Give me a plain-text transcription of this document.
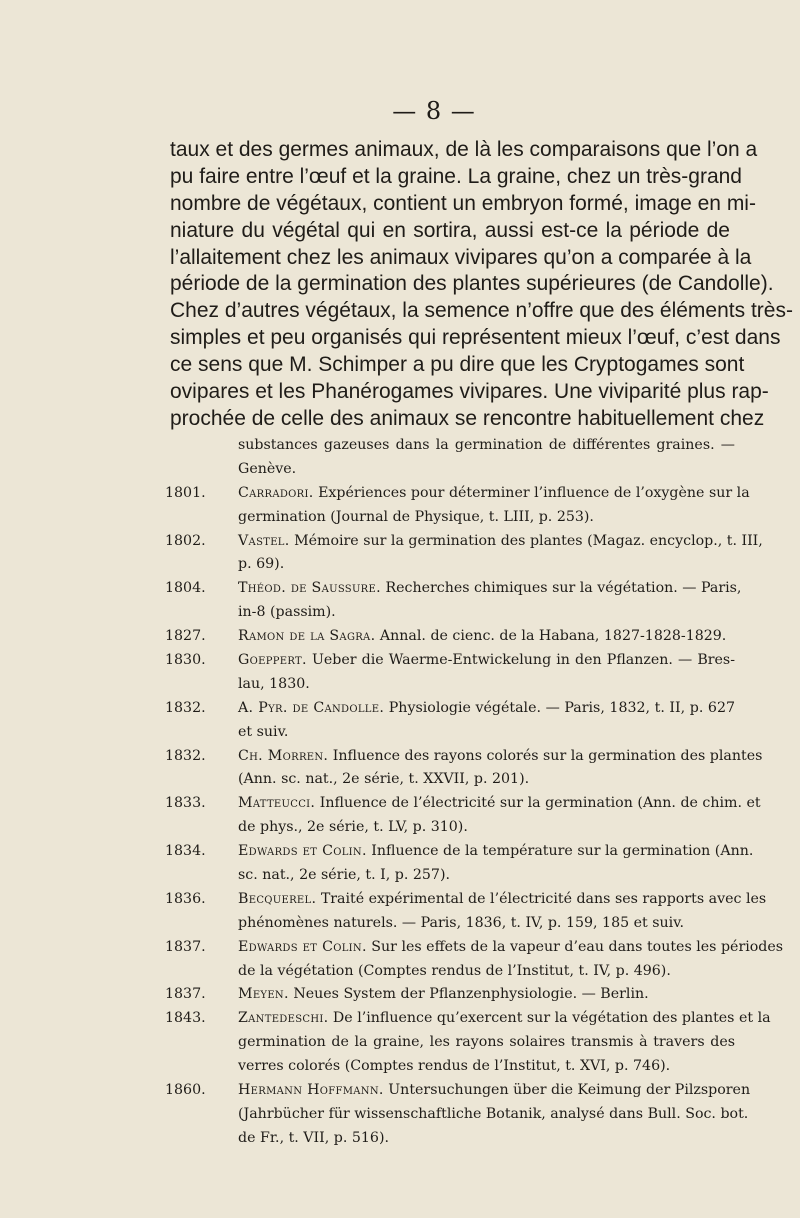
— 8 —
taux et des germes animaux, de là les comparaisons que l’on a
pu faire entre l’œuf et la graine. La graine, chez un très-grand
nombre de végétaux, contient un embryon formé, image en mi-
niature du végétal qui en sortira, aussi est-ce la période de
l’allaitement chez les animaux vivipares qu’on a comparée à la
période de la germination des plantes supérieures (de Candolle).
Chez d’autres végétaux, la semence n’offre que des éléments très-
simples et peu organisés qui représentent mieux l’œuf, c’est dans
ce sens que M. Schimper a pu dire que les Cryptogames sont
ovipares et les Phanérogames vivipares. Une viviparité plus rap-
prochée de celle des animaux se rencontre habituellement chez
substances gazeuses dans la germination de différentes graines. —
Genève.
1801.	Carradori. Expériences pour déterminer l’influence de l’oxygène sur la
germination (Journal de Physique, t. LIII, p. 253).
1802.	Vastel. Mémoire sur la germination des plantes (Magaz. encyclop., t. III,
p. 69).
1804.	Théod. de Saussure. Recherches chimiques sur la végétation. — Paris,
in-8 (passim).
1827.	Ramon de la Sagra. Annal. de cienc. de la Habana, 1827-1828-1829.
1830.	Goeppert. Ueber die Waerme-Entwickelung in den Pflanzen. — Bres-
lau, 1830.
1832.	A. Pyr. de Candolle. Physiologie végétale. — Paris, 1832, t. II, p. 627
et suiv.
1832.	Ch. Morren. Influence des rayons colorés sur la germination des plantes
(Ann. sc. nat., 2e série, t. XXVII, p. 201).
1833.	Matteucci. Influence de l’électricité sur la germination (Ann. de chim. et
de phys., 2e série, t. LV, p. 310).
1834.	Edwards et Colin. Influence de la température sur la germination (Ann.
sc. nat., 2e série, t. I, p. 257).
1836.	Becquerel. Traité expérimental de l’électricité dans ses rapports avec les
phénomènes naturels. — Paris, 1836, t. IV, p. 159, 185 et suiv.
1837.	Edwards et Colin. Sur les effets de la vapeur d’eau dans toutes les périodes
de la végétation (Comptes rendus de l’Institut, t. IV, p. 496).
1837.	Meyen. Neues System der Pflanzenphysiologie. — Berlin.
1843.	Zantedeschi. De l’influence qu’exercent sur la végétation des plantes et la
germination de la graine, les rayons solaires transmis à travers des
verres colorés (Comptes rendus de l’Institut, t. XVI, p. 746).
1860.	Hermann Hoffmann. Untersuchungen über die Keimung der Pilzsporen
(Jahrbücher für wissenschaftliche Botanik, analysé dans Bull. Soc. bot.
de Fr., t. VII, p. 516).
